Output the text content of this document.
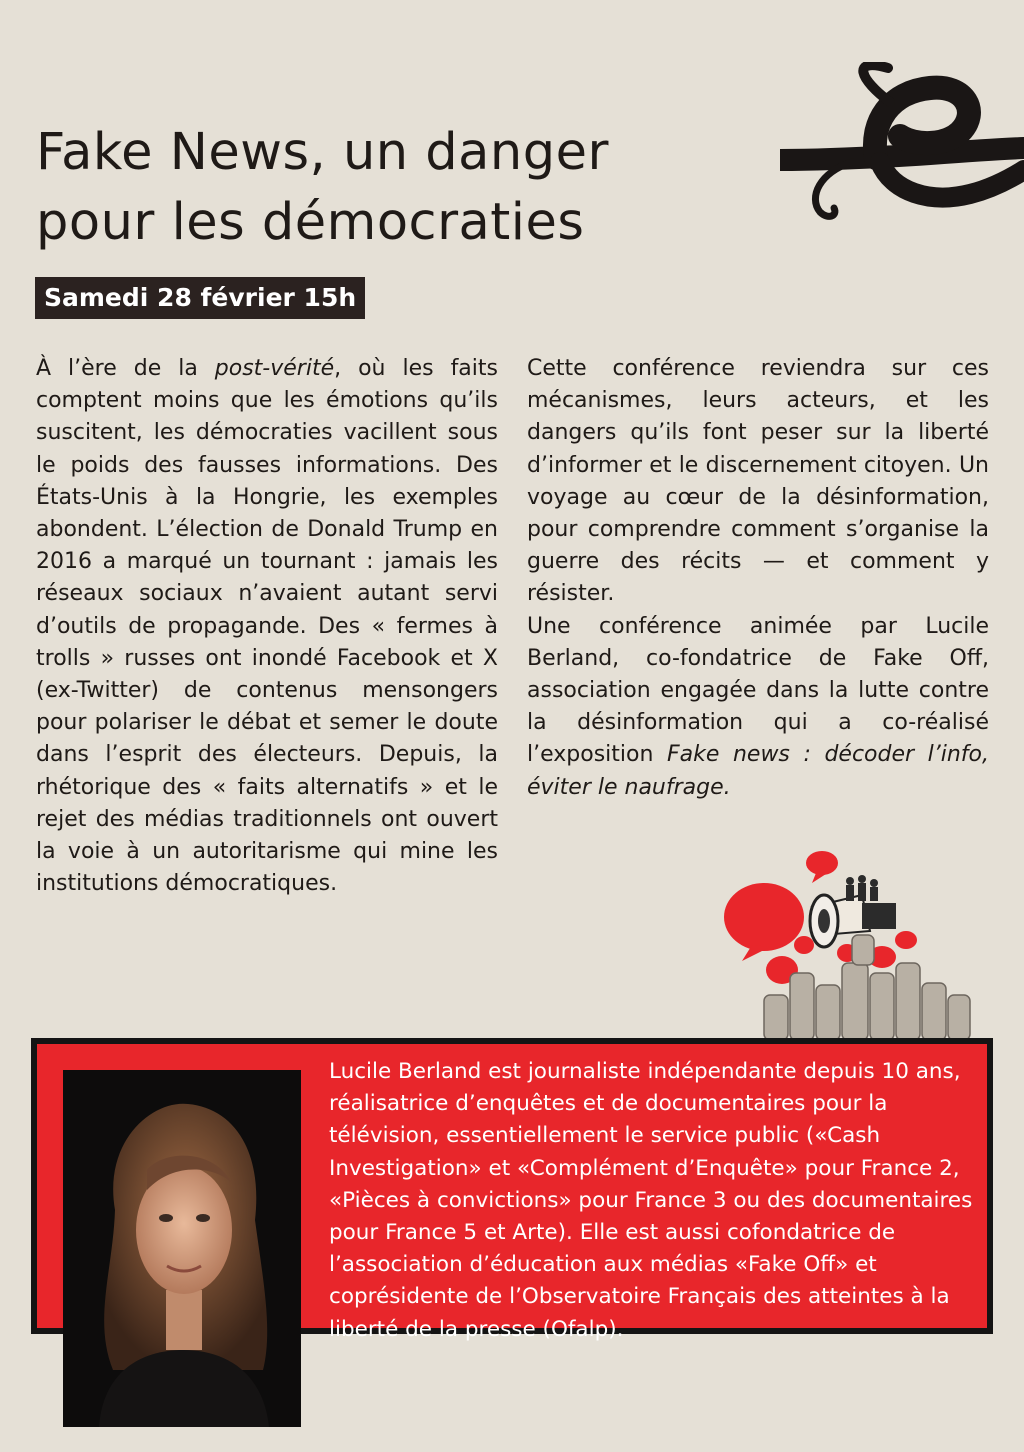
Fake News, un danger
pour les démocraties
Samedi 28 février 15h

À l’ère de la post-vérité, où les faits comptent moins que les émotions qu’ils suscitent, les démocraties vacillent sous le poids des fausses informations. Des États-Unis à la Hongrie, les exemples abondent. L’élection de Donald Trump en 2016 a marqué un tournant : jamais les réseaux sociaux n’avaient autant servi d’outils de propagande. Des « fermes à trolls » russes ont inondé Facebook et X (ex-Twitter) de contenus mensongers pour polariser le débat et semer le doute dans l’esprit des électeurs. Depuis, la rhétorique des « faits alternatifs » et le rejet des médias traditionnels ont ouvert la voie à un autoritarisme qui mine les institutions démocratiques.

Cette conférence reviendra sur ces mécanismes, leurs acteurs, et les dangers qu’ils font peser sur la liberté d’informer et le discernement citoyen. Un voyage au cœur de la désinformation, pour comprendre comment s’organise la guerre des récits — et comment y résister.

Une conférence animée par Lucile Berland, co-fondatrice de Fake Off, association engagée dans la lutte contre la désinformation qui a co-réalisé l’exposition Fake news : décoder l’info, éviter le naufrage.

Lucile Berland est journaliste indépendante depuis 10 ans, réalisatrice d’enquêtes et de documentaires pour la télévision, essentiellement le service public («Cash Investigation» et «Complément d’Enquête» pour France 2, «Pièces à convictions» pour France 3 ou des documentaires pour France 5 et Arte). Elle est aussi cofondatrice de l’association d’éducation aux médias «Fake Off» et coprésidente de l’Observatoire Français des atteintes à la liberté de la presse (Ofalp).
